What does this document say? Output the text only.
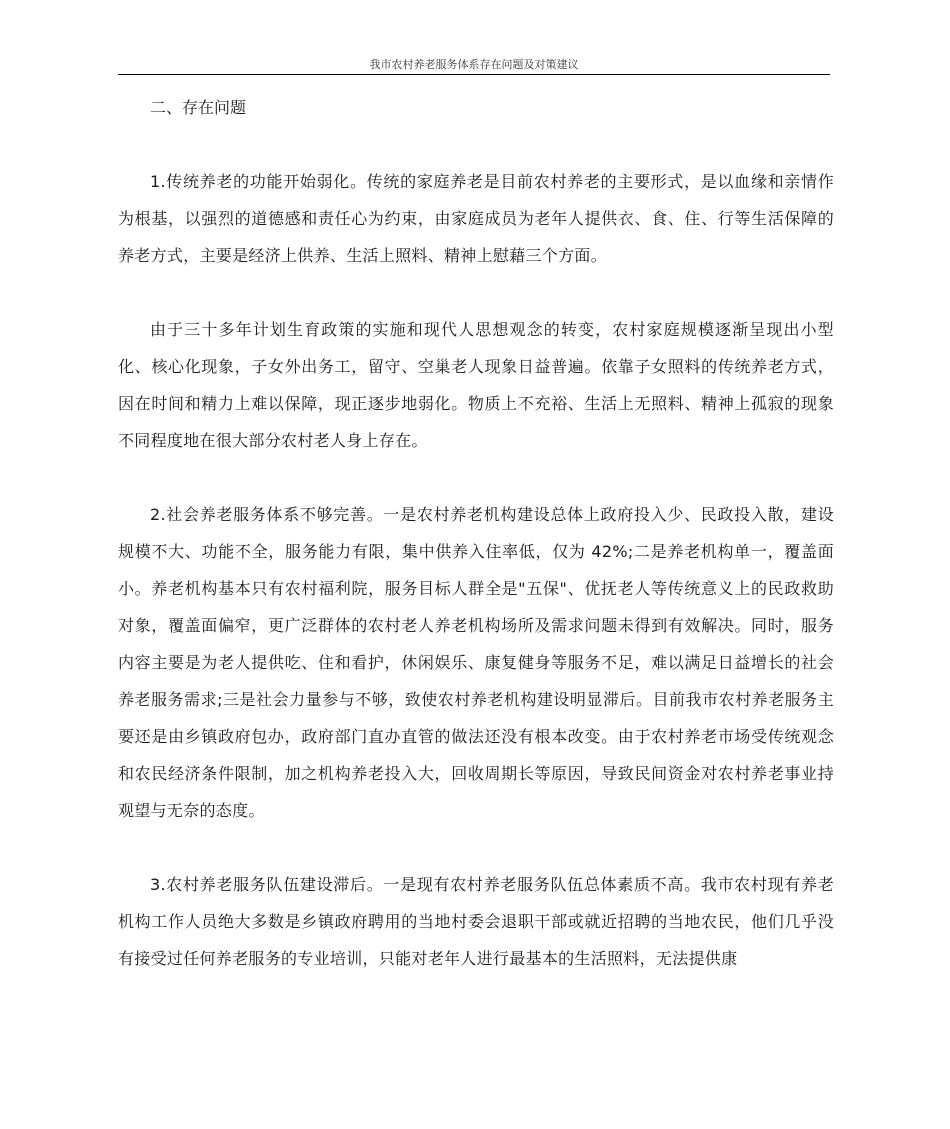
我市农村养老服务体系存在问题及对策建议

二、存在问题

1.传统养老的功能开始弱化。传统的家庭养老是目前农村养老的主要形式，是以血缘和亲情作为根基，以强烈的道德感和责任心为约束，由家庭成员为老年人提供衣、食、住、行等生活保障的养老方式，主要是经济上供养、生活上照料、精神上慰藉三个方面。

由于三十多年计划生育政策的实施和现代人思想观念的转变，农村家庭规模逐渐呈现出小型化、核心化现象，子女外出务工，留守、空巢老人现象日益普遍。依靠子女照料的传统养老方式，因在时间和精力上难以保障，现正逐步地弱化。物质上不充裕、生活上无照料、精神上孤寂的现象不同程度地在很大部分农村老人身上存在。

2.社会养老服务体系不够完善。一是农村养老机构建设总体上政府投入少、民政投入散，建设规模不大、功能不全，服务能力有限，集中供养入住率低，仅为 42%;二是养老机构单一，覆盖面小。养老机构基本只有农村福利院，服务目标人群全是"五保"、优抚老人等传统意义上的民政救助对象，覆盖面偏窄，更广泛群体的农村老人养老机构场所及需求问题未得到有效解决。同时，服务内容主要是为老人提供吃、住和看护，休闲娱乐、康复健身等服务不足，难以满足日益增长的社会养老服务需求;三是社会力量参与不够，致使农村养老机构建设明显滞后。目前我市农村养老服务主要还是由乡镇政府包办，政府部门直办直管的做法还没有根本改变。由于农村养老市场受传统观念和农民经济条件限制，加之机构养老投入大，回收周期长等原因，导致民间资金对农村养老事业持观望与无奈的态度。

3.农村养老服务队伍建设滞后。一是现有农村养老服务队伍总体素质不高。我市农村现有养老机构工作人员绝大多数是乡镇政府聘用的当地村委会退职干部或就近招聘的当地农民，他们几乎没有接受过任何养老服务的专业培训，只能对老年人进行最基本的生活照料，无法提供康
